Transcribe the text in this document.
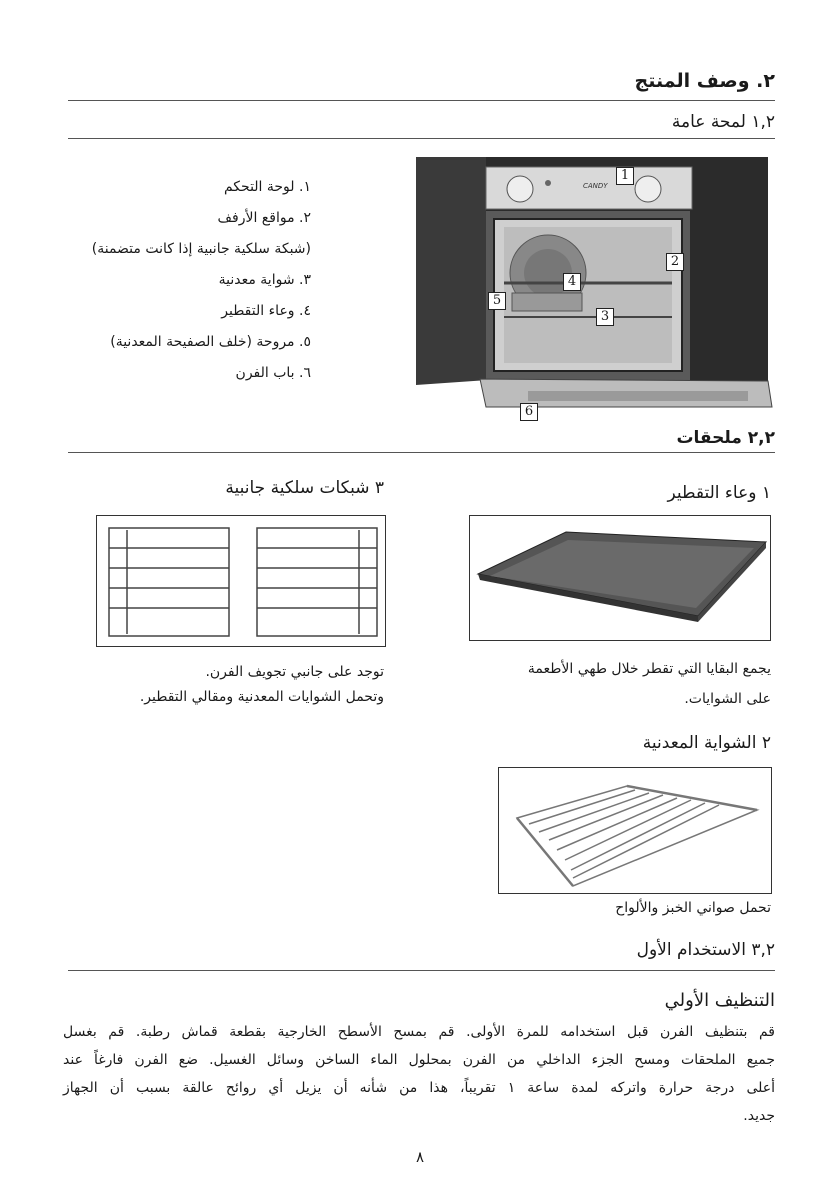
٢. وصف المنتج
١,٢ لمحة عامة
١. لوحة التحكم
٢. مواقع الأرفف
(شبكة سلكية جانبية إذا كانت متضمنة)
٣. شواية معدنية
٤. وعاء التقطير
٥. مروحة (خلف الصفيحة المعدنية)
٦. باب الفرن
CANDY
1
2
3
4
5
6
٢,٢ ملحقات
١ وعاء التقطير

يجمع البقايا التي تقطر خلال طهي الأطعمة

على الشوايات.

٣ شبكات سلكية جانبية

توجد على جانبي تجويف الفرن.

وتحمل الشوايات المعدنية ومقالي التقطير.

٢ الشواية المعدنية
تحمل صواني الخبز والألواح
٣,٢ الاستخدام الأول
التنظيف الأولي

قم بتنظيف الفرن قبل استخدامه للمرة الأولى. قم بمسح الأسطح الخارجية بقطعة قماش رطبة. قم بغسل

جميع الملحقات ومسح الجزء الداخلي من الفرن بمحلول الماء الساخن وسائل الغسيل. ضع الفرن فارغاً عند

أعلى درجة حرارة واتركه لمدة ساعة ١ تقريباً، هذا من شأنه أن يزيل أي روائح عالقة بسبب أن الجهاز

جديد.

٨
